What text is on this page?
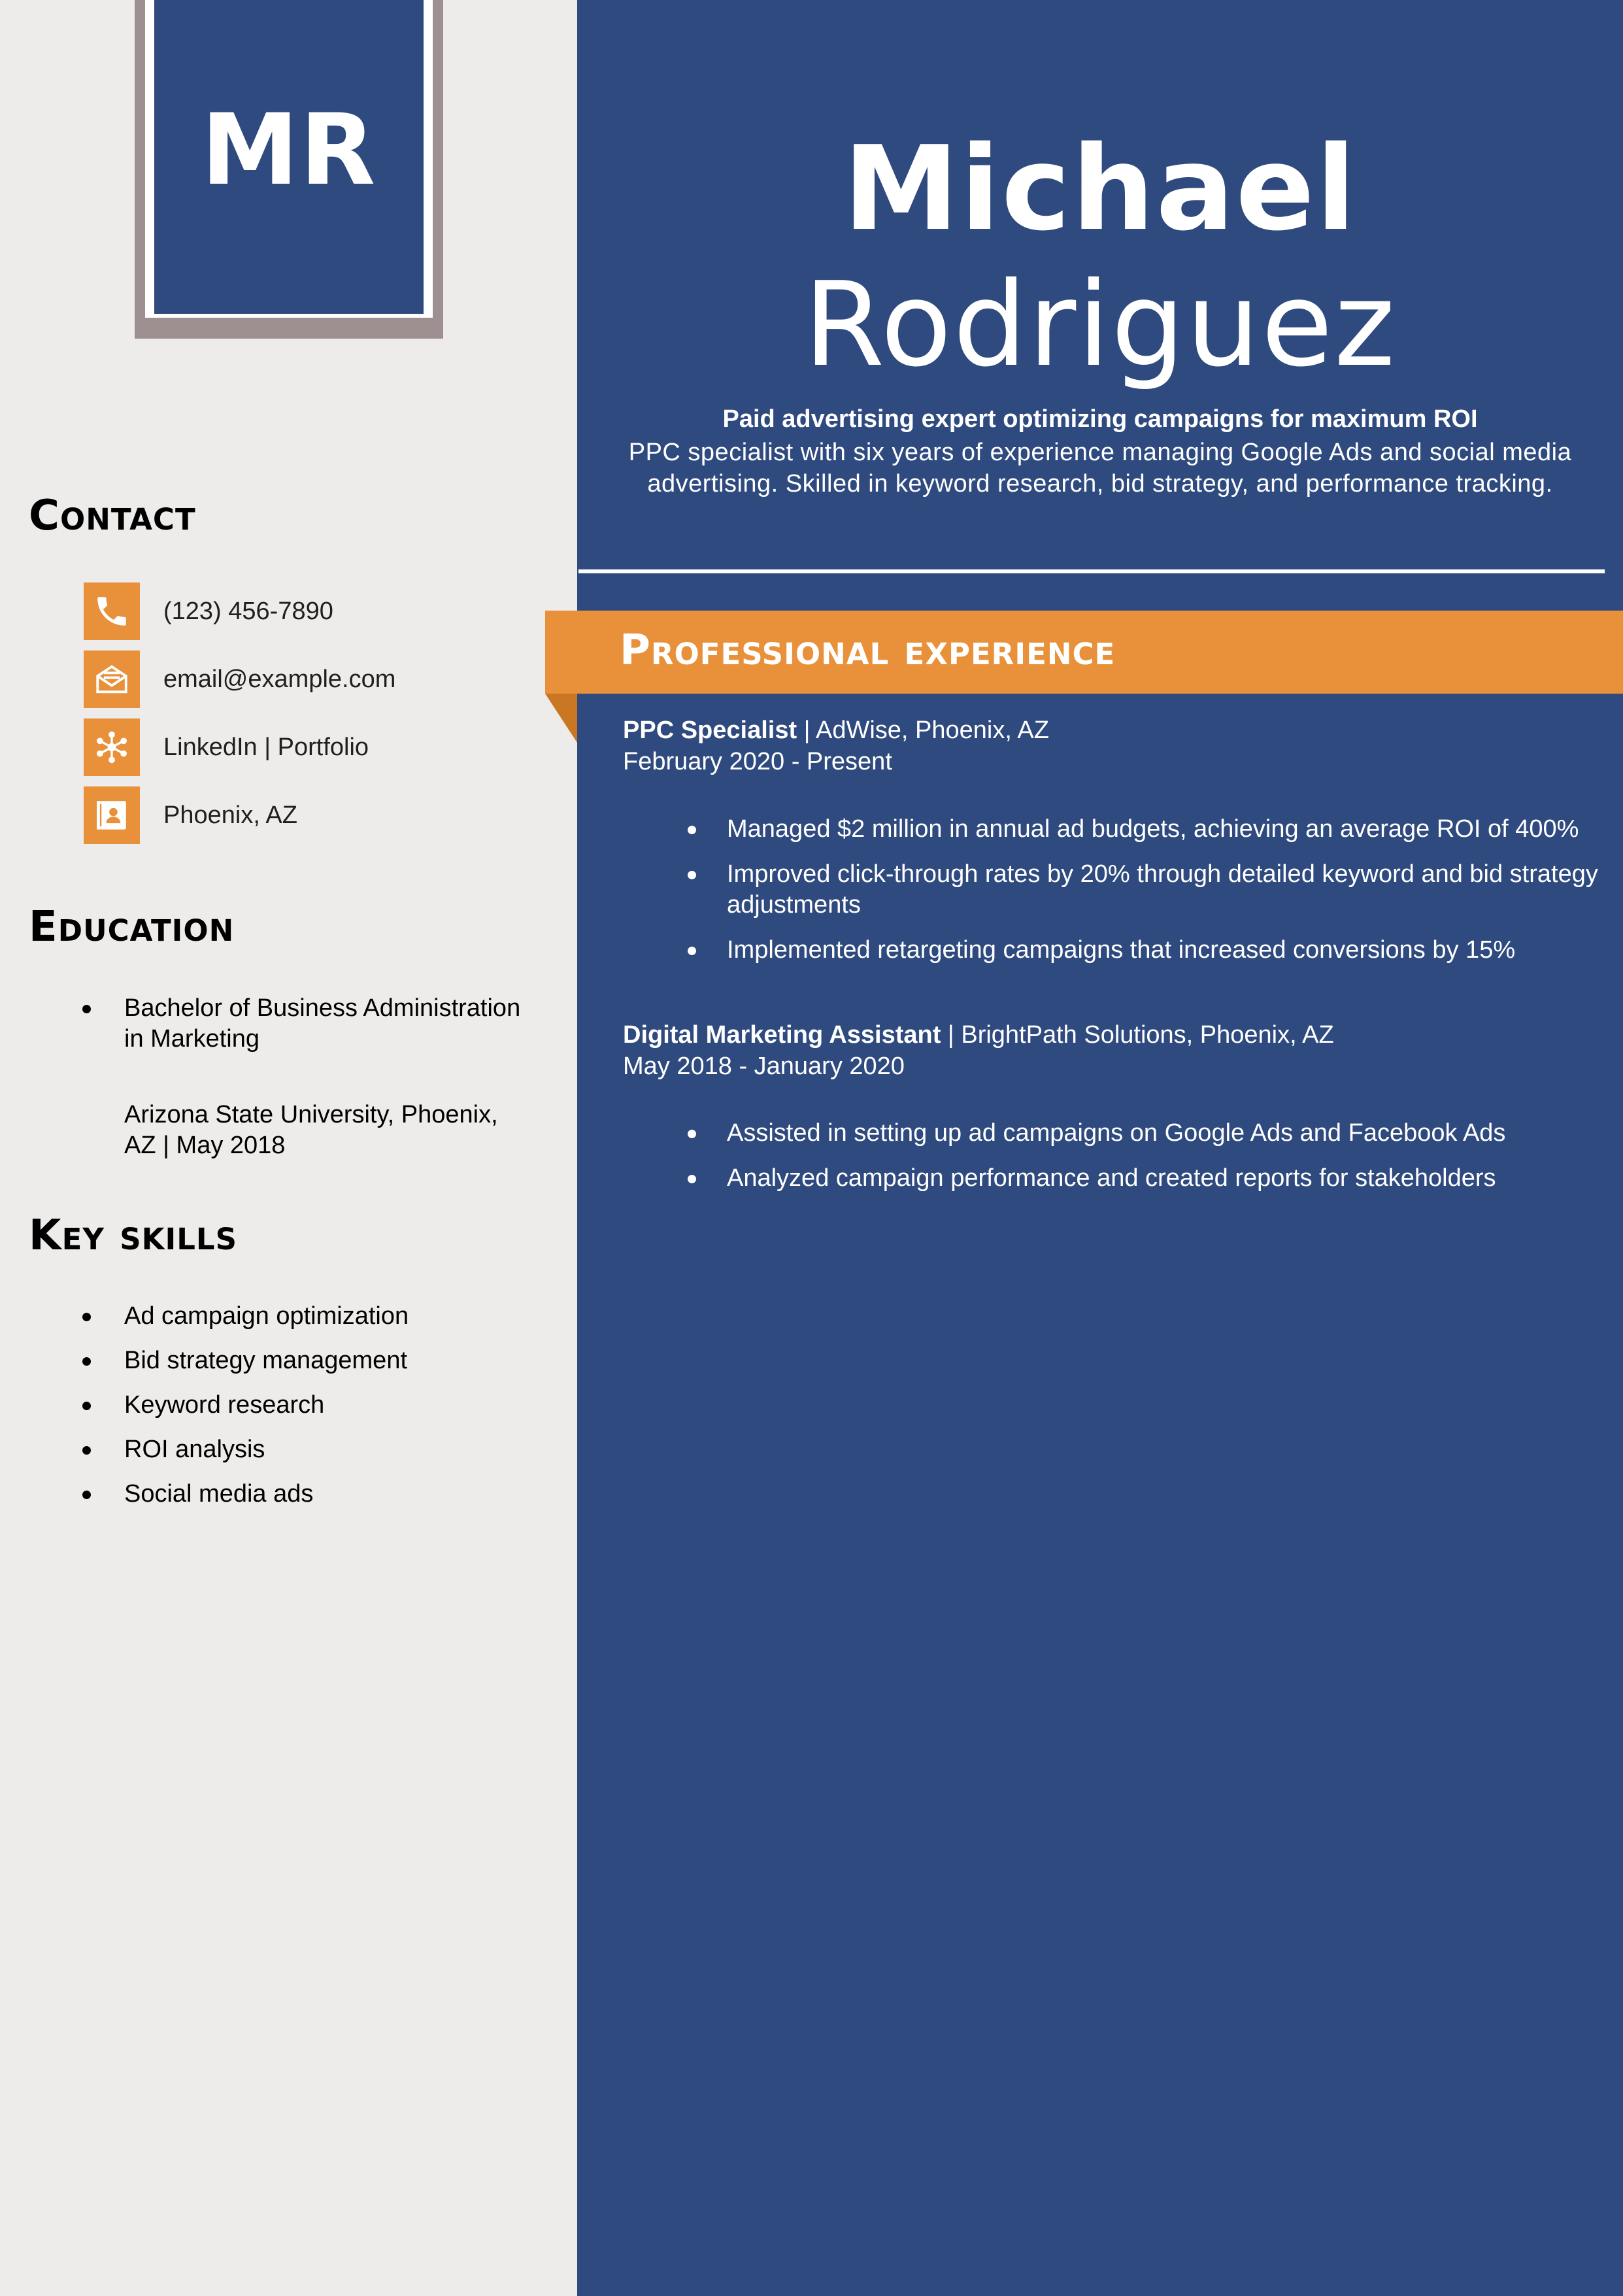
MR
Contact
(123) 456-7890
email@example.com
LinkedIn | Portfolio
Phoenix, AZ
Education
Bachelor of Business Administration in Marketing
Arizona State University, Phoenix, AZ | May 2018
Key skills
Ad campaign optimization
Bid strategy management
Keyword research
ROI analysis
Social media ads
Michael
Rodriguez

Paid advertising expert optimizing campaigns for maximum ROI

PPC specialist with six years of experience managing Google Ads and social media advertising. Skilled in keyword research, bid strategy, and performance tracking.

Professional experience

PPC Specialist | AdWise, Phoenix, AZ

February 2020 - Present

Managed $2 million in annual ad budgets, achieving an average ROI of 400%
Improved click-through rates by 20% through detailed keyword and bid strategy adjustments
Implemented retargeting campaigns that increased conversions by 15%

Digital Marketing Assistant | BrightPath Solutions, Phoenix, AZ

May 2018 - January 2020

Assisted in setting up ad campaigns on Google Ads and Facebook Ads
Analyzed campaign performance and created reports for stakeholders
